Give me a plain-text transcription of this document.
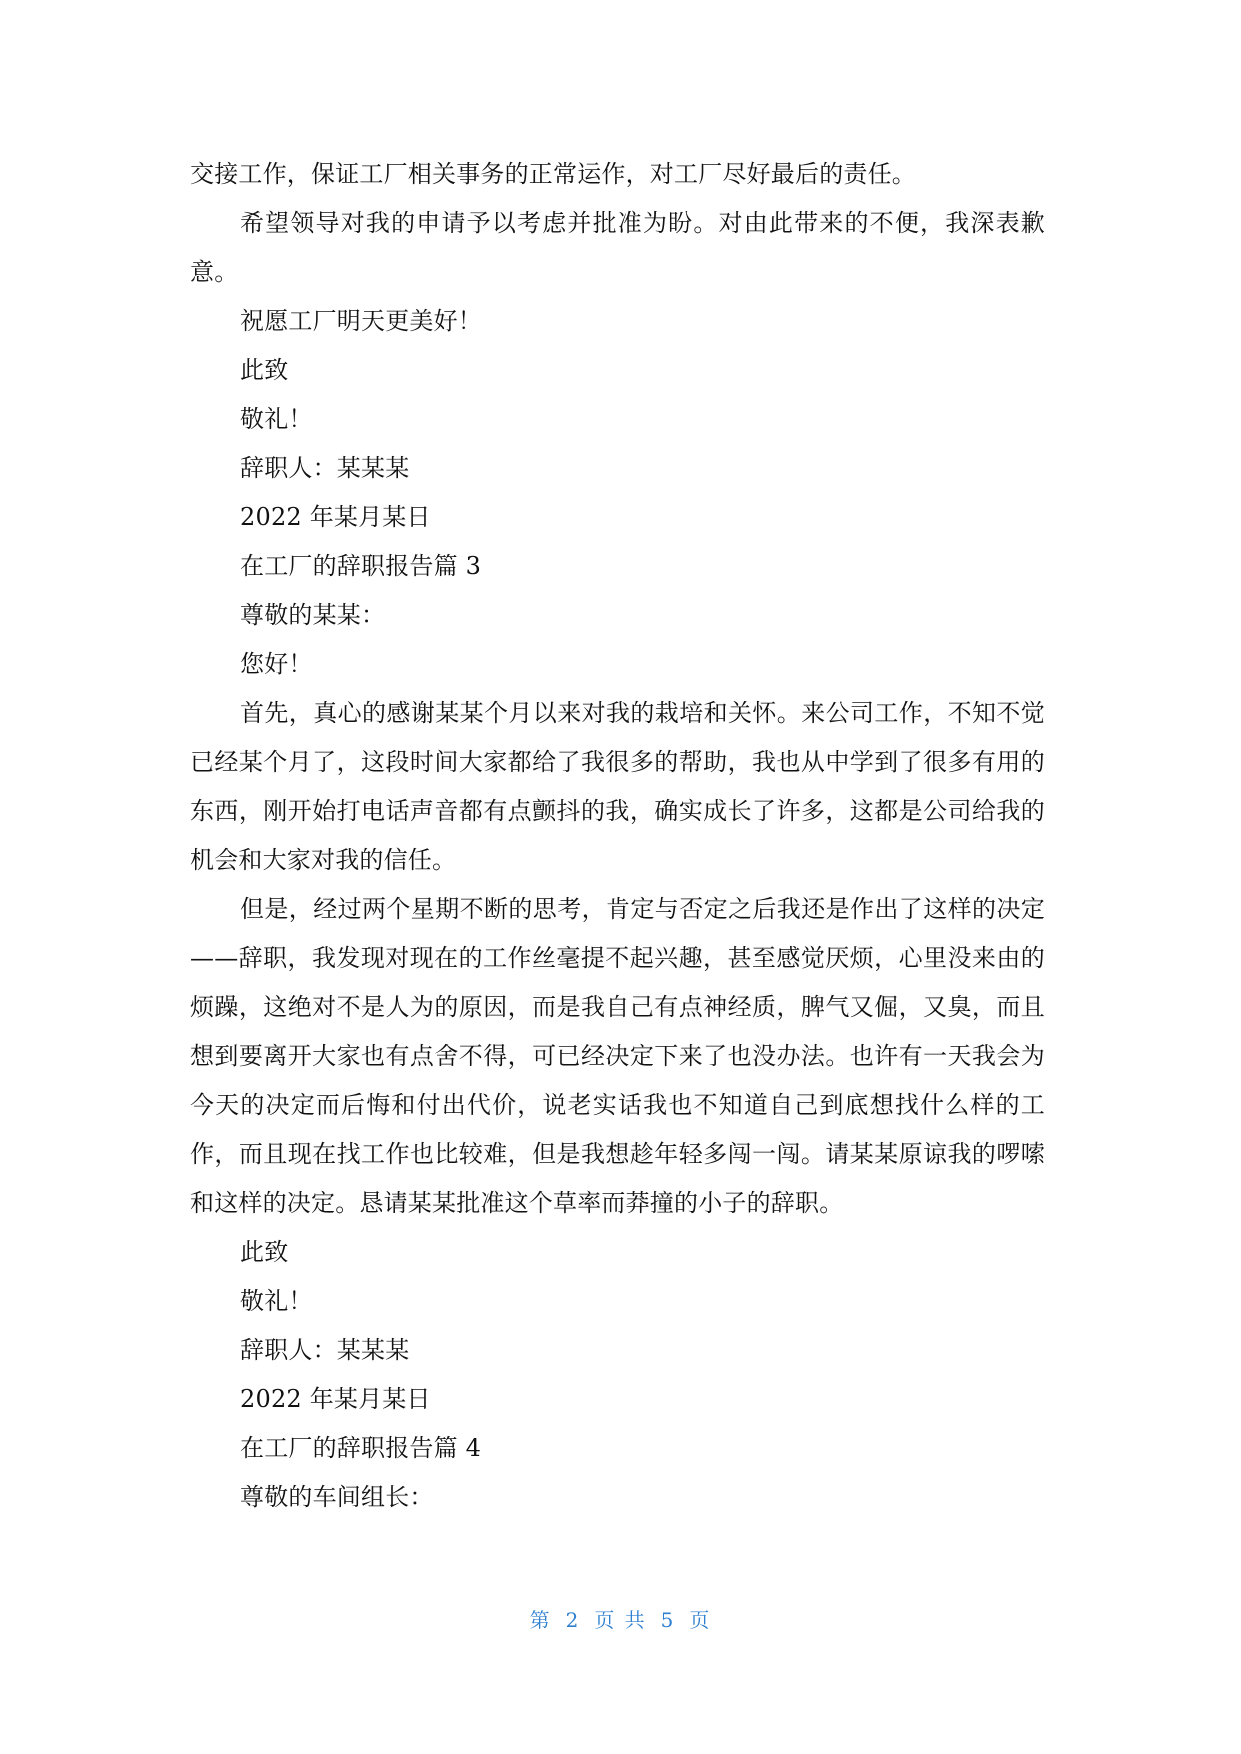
交接工作，保证工厂相关事务的正常运作，对工厂尽好最后的责任。

希望领导对我的申请予以考虑并批准为盼。对由此带来的不便，我深表歉意。

祝愿工厂明天更美好！

此致

敬礼！

辞职人：某某某

2022 年某月某日

在工厂的辞职报告篇 3

尊敬的某某：

您好！

首先，真心的感谢某某个月以来对我的栽培和关怀。来公司工作，不知不觉已经某个月了，这段时间大家都给了我很多的帮助，我也从中学到了很多有用的东西，刚开始打电话声音都有点颤抖的我，确实成长了许多，这都是公司给我的机会和大家对我的信任。

但是，经过两个星期不断的思考，肯定与否定之后我还是作出了这样的决定——辞职，我发现对现在的工作丝毫提不起兴趣，甚至感觉厌烦，心里没来由的烦躁，这绝对不是人为的原因，而是我自己有点神经质，脾气又倔，又臭，而且想到要离开大家也有点舍不得，可已经决定下来了也没办法。也许有一天我会为今天的决定而后悔和付出代价，说老实话我也不知道自己到底想找什么样的工作，而且现在找工作也比较难，但是我想趁年轻多闯一闯。请某某原谅我的啰嗦和这样的决定。恳请某某批准这个草率而莽撞的小子的辞职。

此致

敬礼！

辞职人：某某某

2022 年某月某日

在工厂的辞职报告篇 4

尊敬的车间组长：

第 2 页 共 5 页
